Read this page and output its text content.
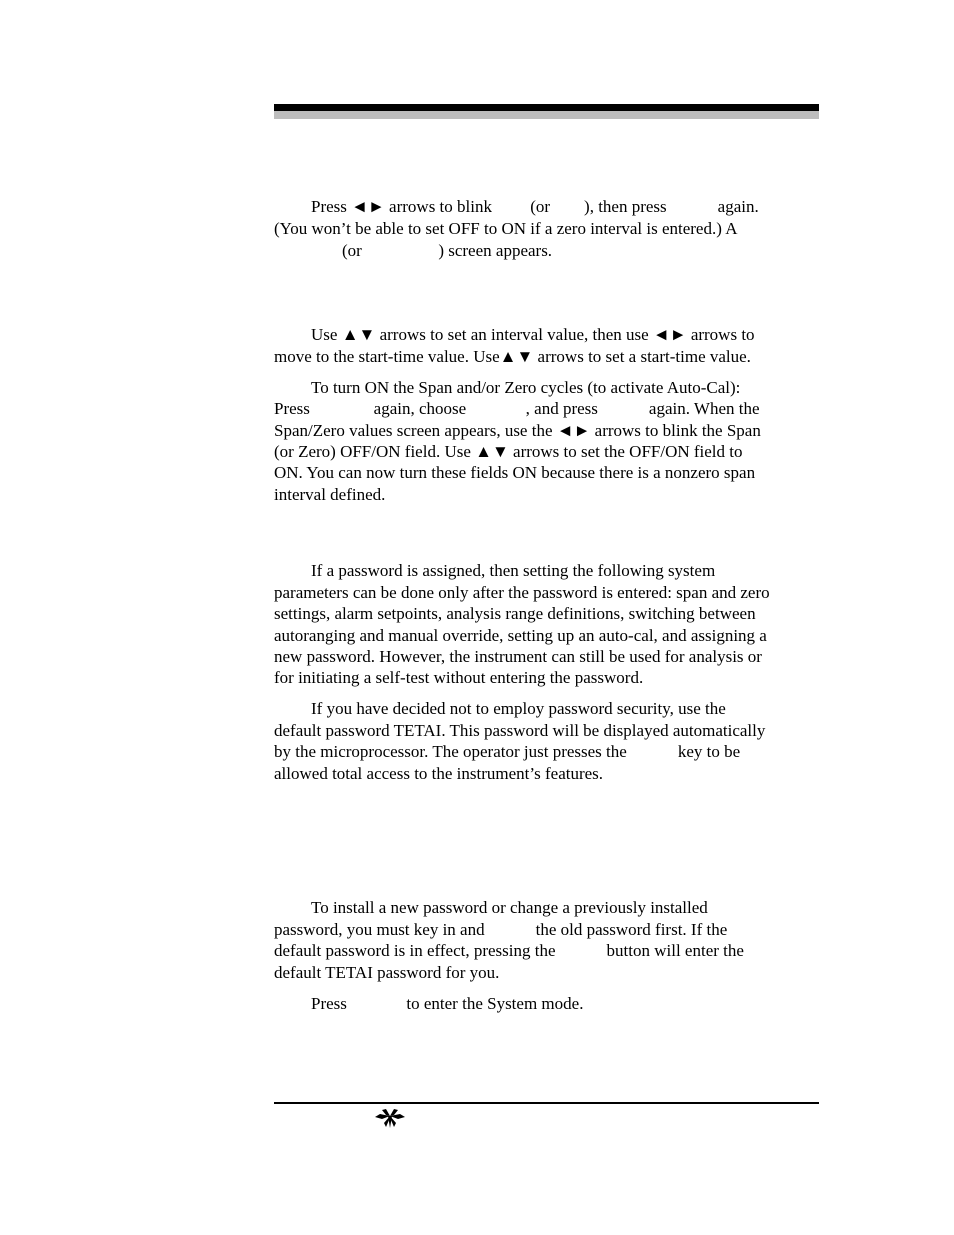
Press ◄► arrows to blink         (or        ), then press            again.
(You won’t be able to set OFF to ON if a zero interval is entered.) A
(or                  ) screen appears.
Use ▲▼ arrows to set an interval value, then use ◄► arrows to
move to the start-time value. Use▲▼ arrows to set a start-time value.
To turn ON the Span and/or Zero cycles (to activate Auto-Cal):
Press               again, choose              , and press            again. When the
Span/Zero values screen appears, use the ◄► arrows to blink the Span
(or Zero) OFF/ON field. Use ▲▼ arrows to set the OFF/ON field to
ON. You can now turn these fields ON because there is a nonzero span
interval defined.
If a password is assigned, then setting the following system
parameters can be done only after the password is entered: span and zero
settings, alarm setpoints, analysis range definitions, switching between
autoranging and manual override, setting up an auto-cal, and assigning a
new password. However, the instrument can still be used for analysis or
for initiating a self-test without entering the password.
If you have decided not to employ password security, use the
default password TETAI. This password will be displayed automatically
by the microprocessor. The operator just presses the            key to be
allowed total access to the instrument’s features.
To install a new password or change a previously installed
password, you must key in and            the old password first. If the
default password is in effect, pressing the            button will enter the
default TETAI password for you.
Press              to enter the System mode.
